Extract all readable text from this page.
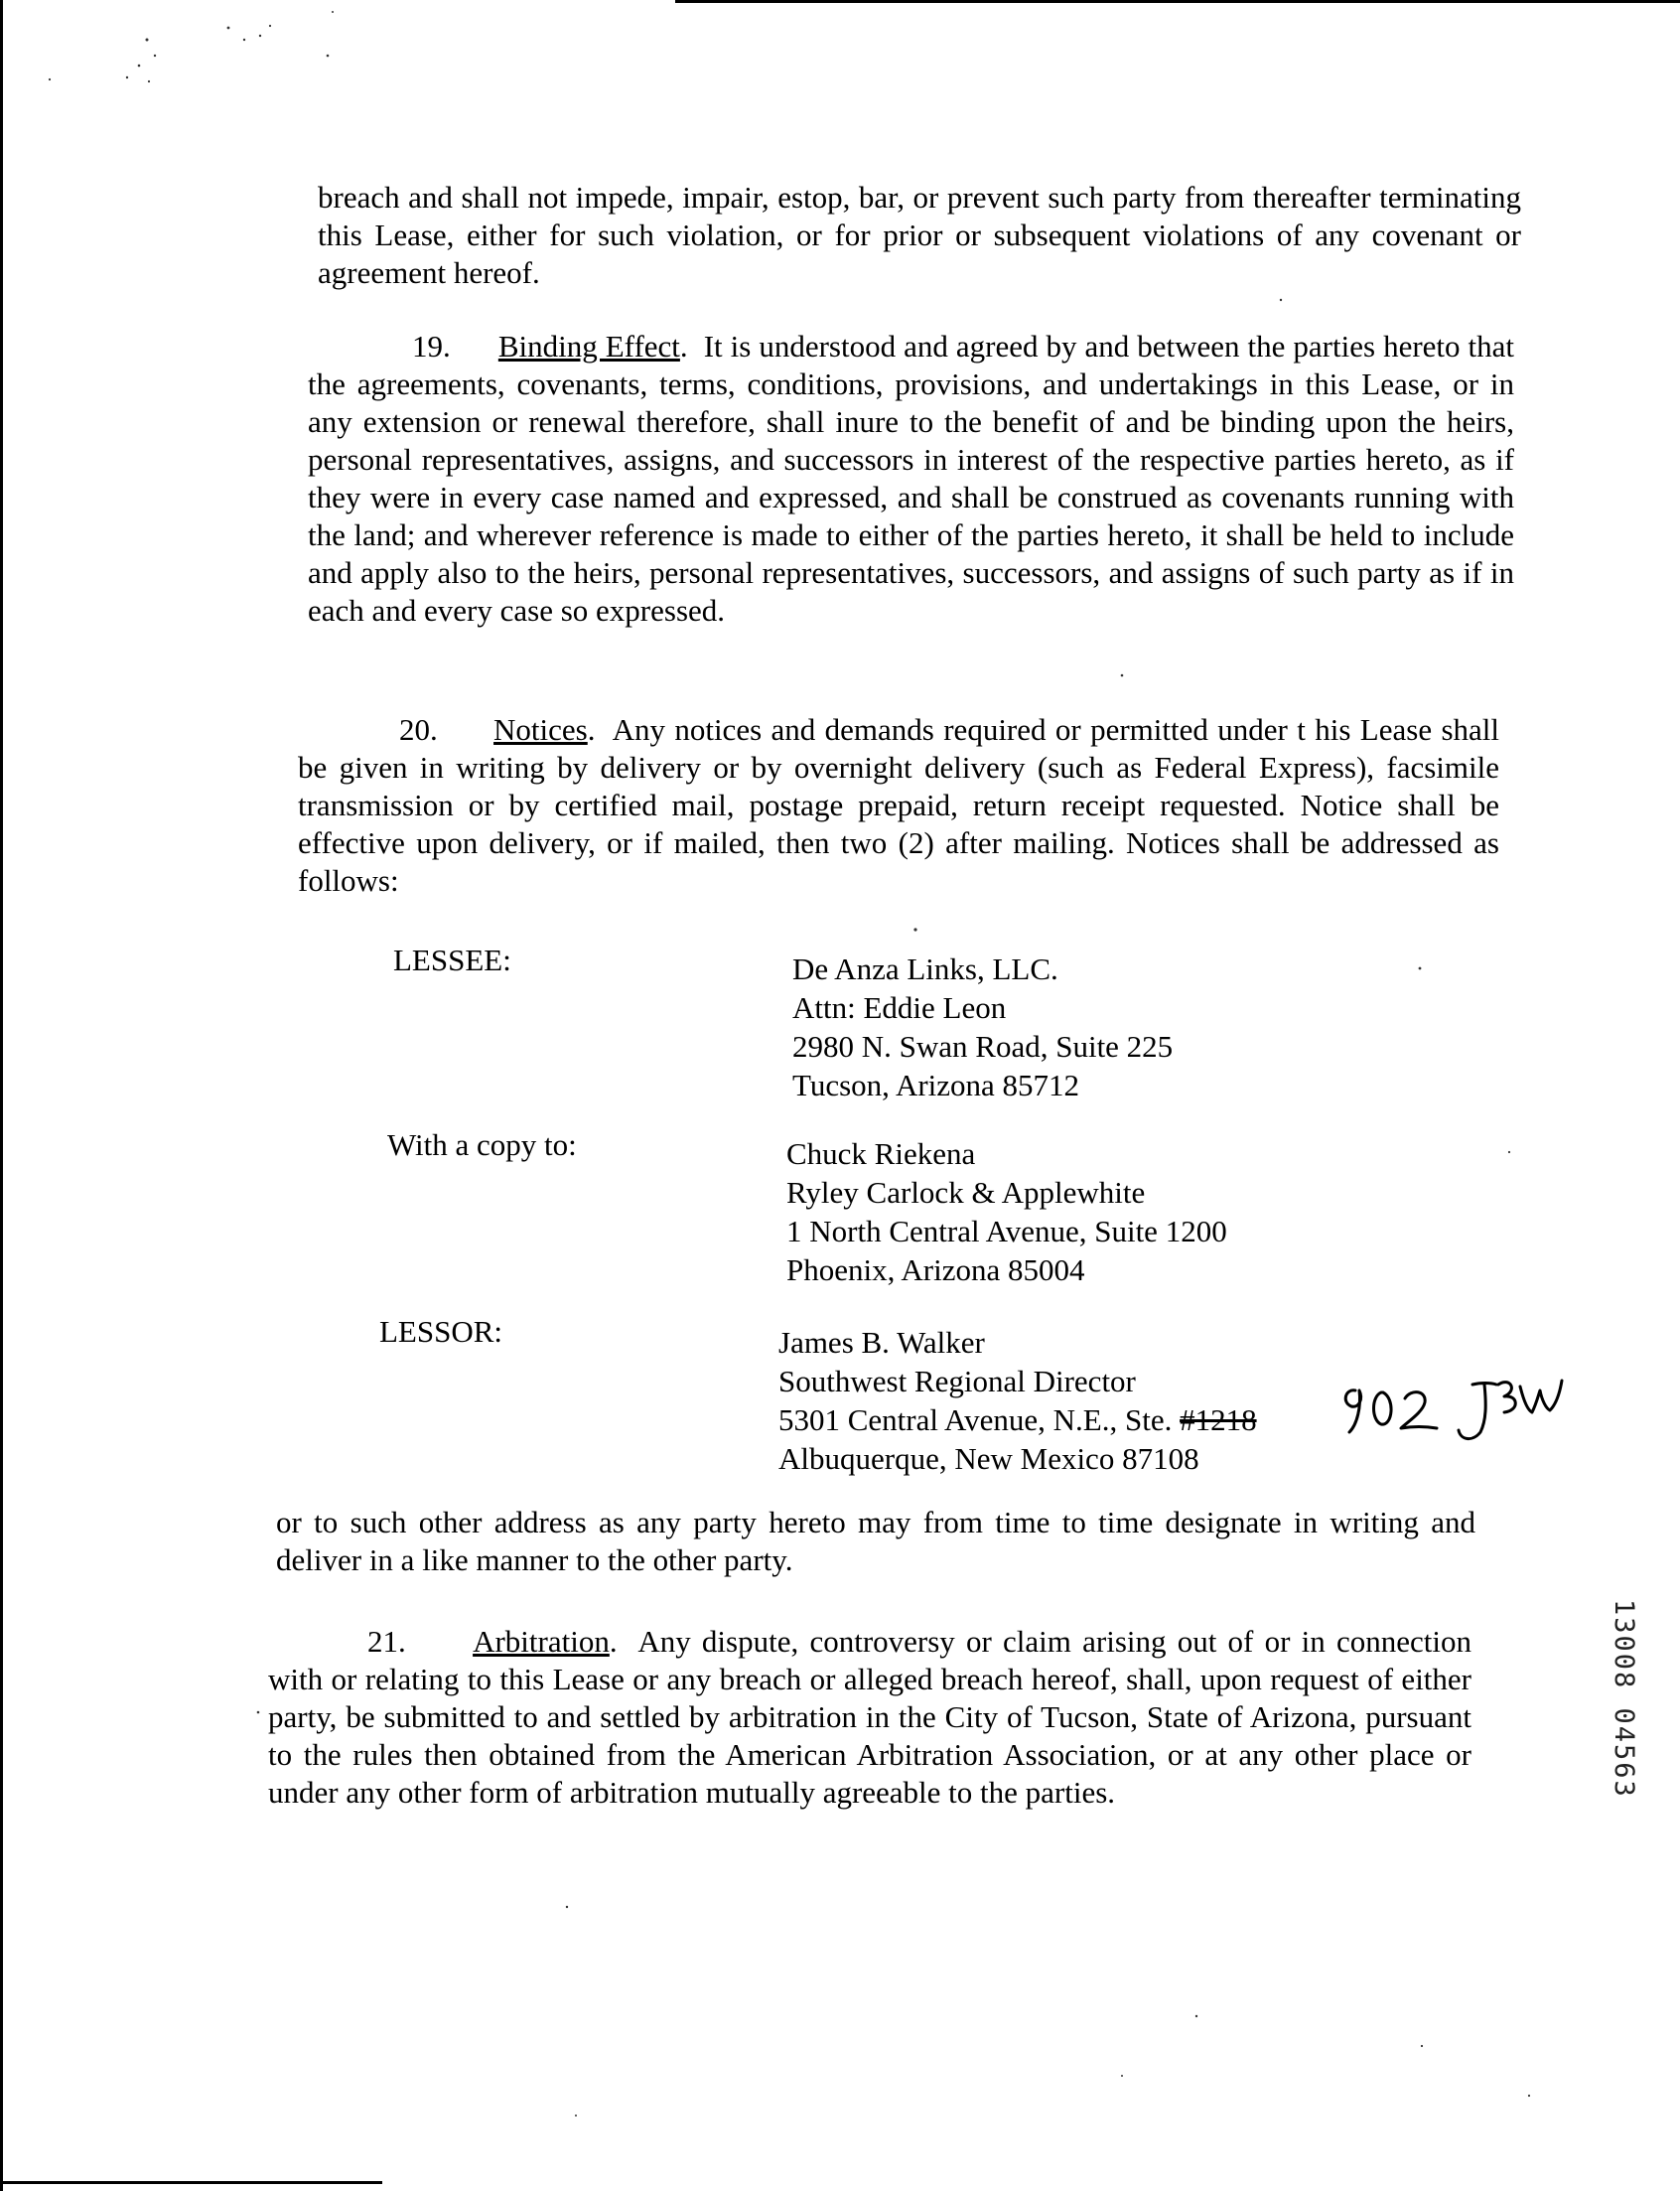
breach and shall not impede, impair, estop, bar, or prevent such party from thereafter terminating this Lease, either for such violation, or for prior or subsequent violations of any covenant or agreement hereof.

19. Binding Effect.  It is understood and agreed by and between the parties hereto that the agreements, covenants, terms, conditions, provisions, and undertakings in this Lease, or in any extension or renewal therefore, shall inure to the benefit of and be binding upon the heirs, personal representatives, assigns, and successors in interest of the respective parties hereto, as if they were in every case named and expressed, and shall be construed as covenants running with the land; and wherever reference is made to either of the parties hereto, it shall be held to include and apply also to the heirs, personal representatives, successors, and assigns of such party as if in each and every case so expressed.

20. Notices.  Any notices and demands required or permitted under t his Lease shall be given in writing by delivery or by overnight delivery (such as Federal Express), facsimile transmission or by certified mail, postage prepaid, return receipt requested. Notice shall be effective upon delivery, or if mailed, then two (2) after mailing. Notices shall be addressed as follows:

LESSEE:	De Anza Links, LLC.
Attn: Eddie Leon
2980 N. Swan Road, Suite 225
Tucson, Arizona 85712

With a copy to:	Chuck Riekena
Ryley Carlock & Applewhite
1 North Central Avenue, Suite 1200
Phoenix, Arizona 85004

LESSOR:	James B. Walker
Southwest Regional Director
5301 Central Avenue, N.E., Ste. #1218
Albuquerque, New Mexico 87108

or to such other address as any party hereto may from time to time designate in writing and deliver in a like manner to the other party.

21. Arbitration.  Any dispute, controversy or claim arising out of or in connection with or relating to this Lease or any breach or alleged breach hereof, shall, upon request of either party, be submitted to and settled by arbitration in the City of Tucson, State of Arizona, pursuant to the rules then obtained from the American Arbitration Association, or at any other place or under any other form of arbitration mutually agreeable to the parties.	13008 04563
